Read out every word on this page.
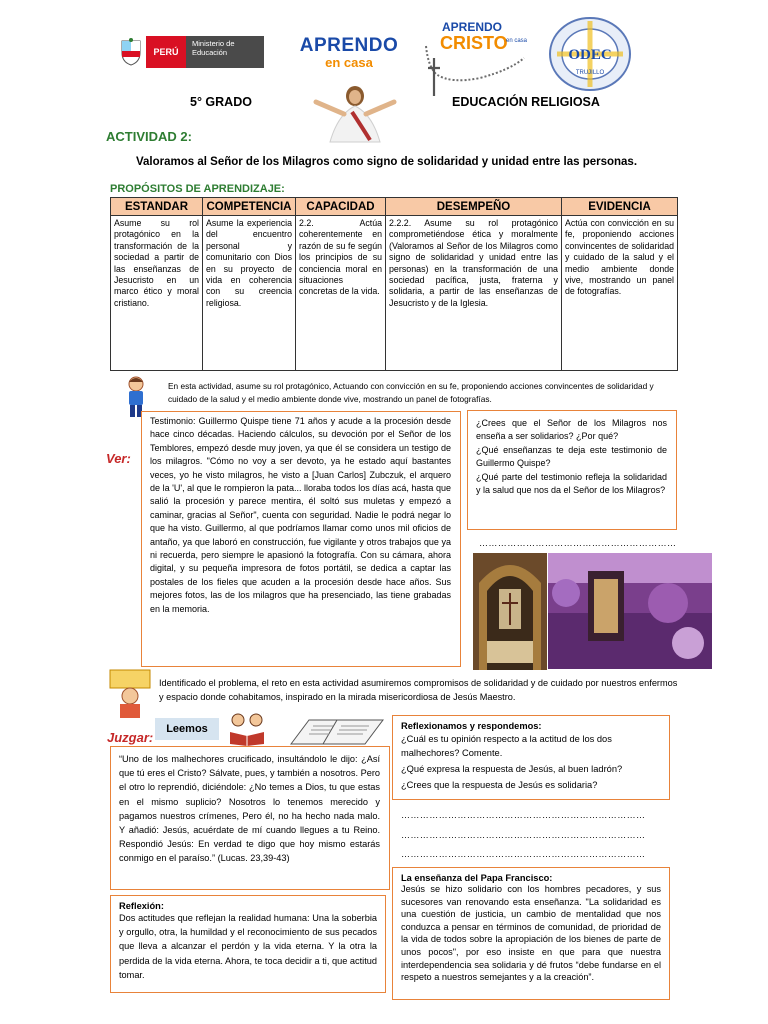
PERÚ
Ministerio de Educación	APRENDO
en casa
APRENDO
CRISTO
en casa
ODEC
TRUJILLO
5° GRADO	EDUCACIÓN RELIGIOSA
ACTIVIDAD 2:
Valoramos al Señor de los Milagros como signo de solidaridad y unidad entre las personas.
PROPÓSITOS DE APRENDIZAJE:
ESTANDAR	COMPETENCIA	CAPACIDAD	DESEMPEÑO	EVIDENCIA
Asume su rol protagónico en la transformación de la sociedad a partir de las enseñanzas de Jesucristo en un marco ético y moral cristiano.	Asume la experiencia del encuentro personal y comunitario con Dios en su proyecto de vida en coherencia con su creencia religiosa.	2.2. Actúa coherentemente en razón de su fe según los principios de su conciencia moral en situaciones concretas de la vida.	2.2.2. Asume su rol protagónico comprometiéndose ética y moralmente (Valoramos al Señor de los Milagros como signo de solidaridad y unidad entre las personas) en la transformación de una sociedad pacífica, justa, fraterna y solidaria, a partir de las enseñanzas de Jesucristo y de la Iglesia.	Actúa con convicción en su fe, proponiendo acciones convincentes de solidaridad y cuidado de la salud y el medio ambiente donde vive, mostrando un panel de fotografías.
En esta actividad, asume su rol protagónico, Actuando con convicción en su fe, proponiendo acciones convincentes de solidaridad y cuidado de la salud y el medio ambiente donde vive, mostrando un panel de fotografías.
Ver:
Testimonio: Guillermo Quispe tiene 71 años y acude a la procesión desde hace cinco décadas. Haciendo cálculos, su devoción por el Señor de los Temblores, empezó desde muy joven, ya que él se considera un testigo de los milagros. "Cómo no voy a ser devoto, ya he estado aquí bastantes veces, yo he visto milagros, he visto a [Juan Carlos] Zubczuk, el arquero de la 'U', al que le rompieron la pata... lloraba todos los días acá, hasta que salió la procesión y parece mentira, él soltó sus muletas y empezó a caminar, gracias al Señor", cuenta con seguridad. Nadie le podrá negar lo que ha visto. Guillermo, al que podríamos llamar como unos mil oficios de antaño, ya que laboró en construcción, fue vigilante y otros trabajos que ya ni recuerda, pero siempre le apasionó la fotografía. Con su cámara, ahora digital, y su pequeña impresora de fotos portátil, se dedica a captar las postales de los fieles que acuden a la procesión desde hace años. Sus mejores fotos, las de los milagros que ha presenciado, las tiene grabadas en la memoria.
¿Crees que el Señor de los Milagros nos enseña a ser solidarios? ¿Por qué?
¿Qué enseñanzas te deja este testimonio de Guillermo Quispe?
¿Qué parte del testimonio refleja la solidaridad y la salud que nos da el Señor de los Milagros?
………………………………………………………
Identificado el problema, el reto en esta actividad asumiremos compromisos de solidaridad y de cuidado por nuestros enfermos y espacio donde cohabitamos, inspirado en la mirada misericordiosa de Jesús Maestro.
Juzgar:
Leemos
“Uno de los malhechores crucificado, insultándolo le dijo: ¿Así que tú eres el Cristo? Sálvate, pues, y también a nosotros. Pero el otro lo reprendió, diciéndole: ¿No temes a Dios, tu que estas en el mismo suplicio? Nosotros lo tenemos merecido y pagamos nuestros crímenes, Pero él, no ha hecho nada malo. Y añadió: Jesús, acuérdate de mí cuando llegues a tu Reino. Respondió Jesús: En verdad te digo que hoy mismo estarás conmigo en el paraíso.” (Lucas. 23,39-43)
Reflexionamos y respondemos:
¿Cuál es tu opinión respecto a la actitud de los dos malhechores? Comente.
¿Qué expresa la respuesta de Jesús, al buen ladrón?
¿Crees que la respuesta de Jesús es solidaria?
……………………………………………………………………
……………………………………………………………………
……………………………………………………………………
Reflexión:
Dos actitudes que reflejan la realidad humana: Una la soberbia y orgullo, otra, la humildad y el reconocimiento de sus pecados que lleva a alcanzar el perdón y la vida eterna. Y la otra la perdida de la vida eterna. Ahora, te toca decidir a ti, que actitud tomar.
La enseñanza del Papa Francisco:
Jesús se hizo solidario con los hombres pecadores, y sus sucesores van renovando esta enseñanza. "La solidaridad es una cuestión de justicia, un cambio de mentalidad que nos conduzca a pensar en términos de comunidad, de prioridad de la vida de todos sobre la apropiación de los bienes de parte de unos pocos", por eso insiste en que para que nuestra interdependencia sea solidaria y dé frutos “debe fundarse en el respeto a nuestros semejantes y a la creación”.
